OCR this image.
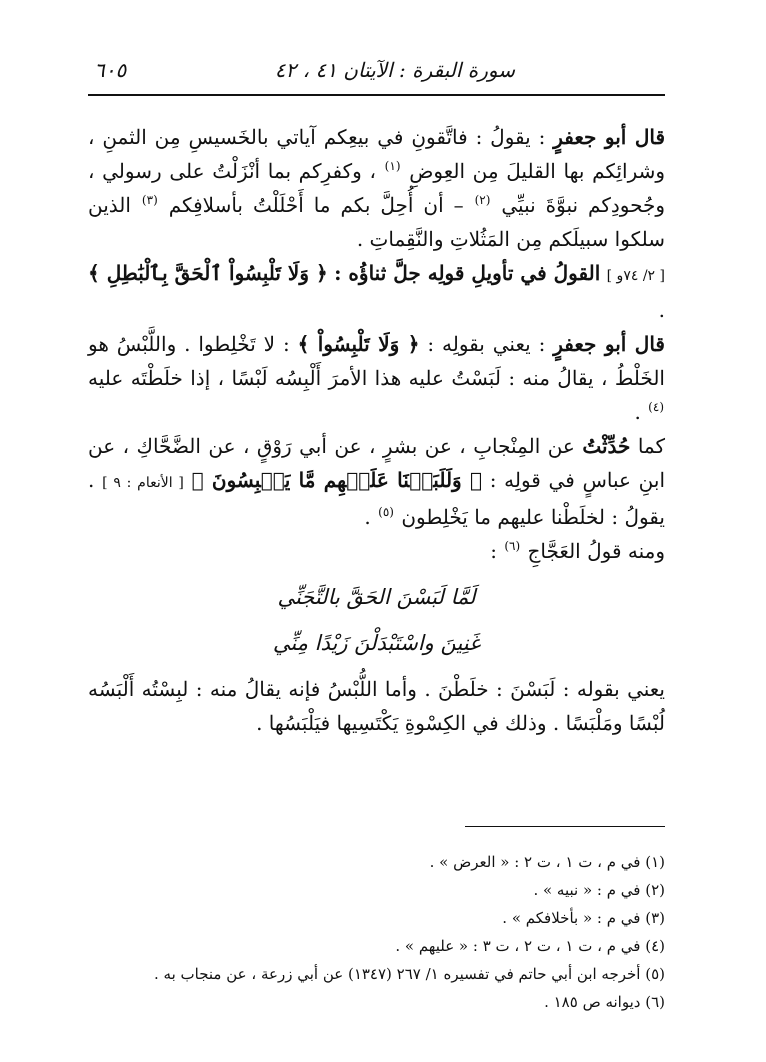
سورة البقرة : الآيتان ٤١ ، ٤٢
٦٠٥

قال أبو جعفرٍ : يقولُ : فاتَّقونِ في بيعِكم آياتي بالخَسيسِ مِن الثمنِ ، وشرائِكم بها القليلَ مِن العِوضِ $^{(١)}$ ، وكفرِكم بما أنْزَلْتُ على رسولي ، وجُحودِكم نبوَّةَ نبيِّي $^{(٢)}$ – أن أُحِلَّ بكم ما أَحْلَلْتُ بأسلافِكم $^{(٣)}$ الذين سلكوا سبيلَكم مِن المَثُلاتِ والنَّقِماتِ .

[ ٢/ ٧٤و ] القولُ في تأويلِ قولِه جلَّ ثناؤُه : ﴿ وَلَا تَلْبِسُواْ ٱلْحَقَّ بِٱلْبَٰطِلِ ﴾ .

قال أبو جعفرٍ : يعني بقولِه : ﴿ وَلَا تَلْبِسُواْ ﴾ : لا تَخْلِطوا . واللَّبْسُ هو الخَلْطُ ، يقالُ منه : لَبَسْتُ عليه هذا الأمرَ أَلْبِسُه لَبْسًا ، إذا خلَطْتَه عليه $^{(٤)}$ .

كما حُدِّثْتُ عن المِنْجابِ ، عن بشرٍ ، عن أبي رَوْقٍ ، عن الضَّحَّاكِ ، عن ابنِ عباسٍ في قولِه : ﴿ وَلَلَبَسۡنَا عَلَيۡهِم مَّا يَلۡبِسُونَ ﴾ [ الأنعام : ٩ ] . يقولُ : لخلَطْنا عليهم ما يَخْلِطون $^{(٥)}$ .

ومنه قولُ العَجَّاجِ $^{(٦)}$ :

لَمَّا لَبَسْنَ الحَقَّ بالتَّجَنِّي
غَنِينَ واسْتَبْدَلْنَ زَيْدًا مِنِّي

يعني بقوله : لَبَسْنَ : خلَطْنَ . وأما اللُّبْسُ فإنه يقالُ منه : لبِسْتُه أَلْبَسُه لُبْسًا ومَلْبَسًا . وذلك في الكِسْوةِ يَكْتَسِيها فيَلْبَسُها .

(١) في م ، ت ١ ، ت ٢ : « العرض » .

(٢) في م : « نبيه » .

(٣) في م : « بأخلافكم » .

(٤) في م ، ت ١ ، ت ٢ ، ت ٣ : « عليهم » .

(٥) أخرجه ابن أبي حاتم في تفسيره ١/ ٢٦٧ (١٣٤٧) عن أبي زرعة ، عن منجاب به .

(٦) ديوانه ص ١٨٥ .
